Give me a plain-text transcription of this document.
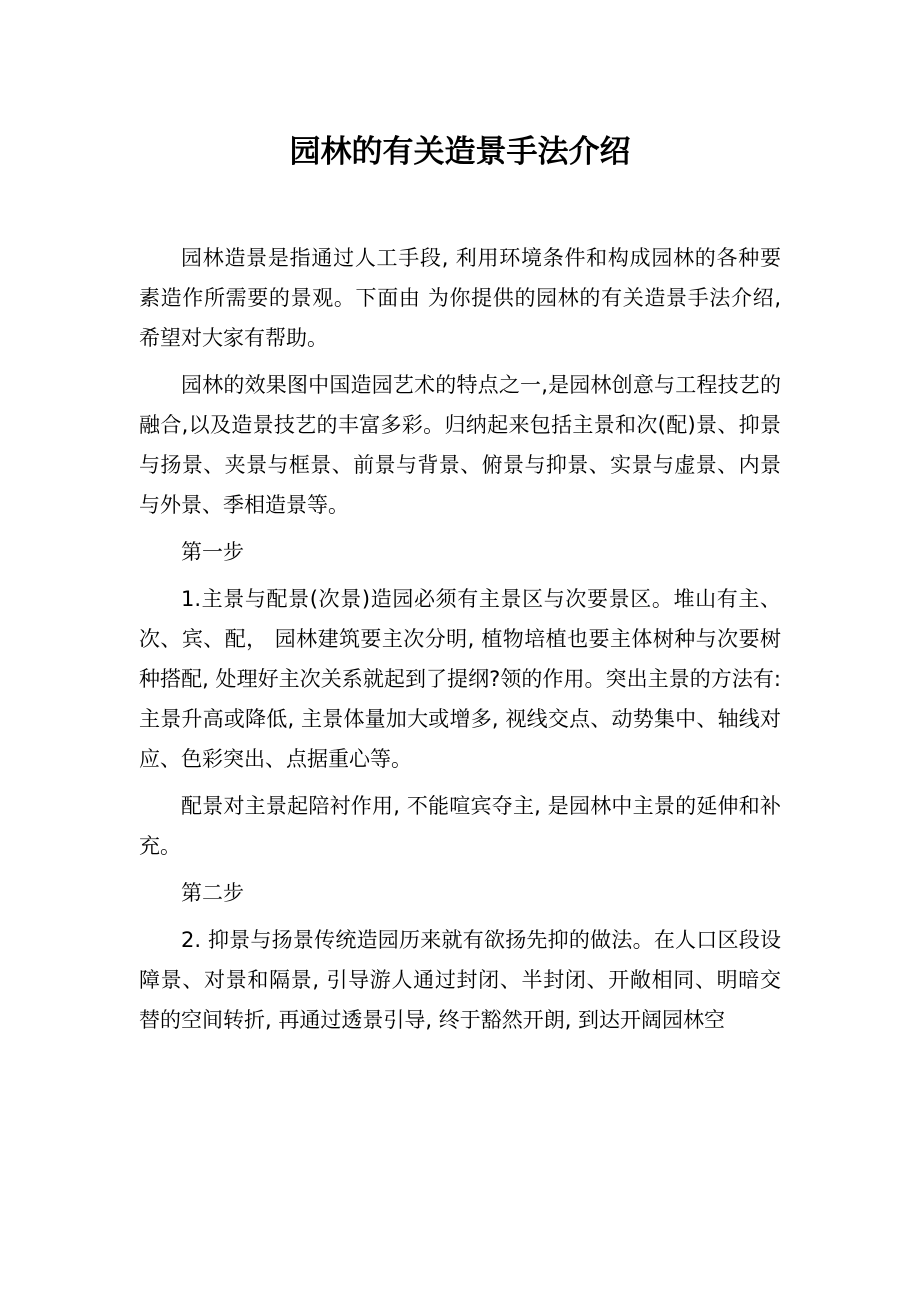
园林的有关造景手法介绍

园林造景是指通过人工手段, 利用环境条件和构成园林的各种要素造作所需要的景观。下面由 为你提供的园林的有关造景手法介绍, 希望对大家有帮助。

园林的效果图中国造园艺术的特点之一,是园林创意与工程技艺的融合,以及造景技艺的丰富多彩。归纳起来包括主景和次(配)景、抑景与扬景、夹景与框景、前景与背景、俯景与抑景、实景与虚景、内景与外景、季相造景等。

第一步

1.主景与配景(次景)造园必须有主景区与次要景区。堆山有主、次、宾、配， 园林建筑要主次分明, 植物培植也要主体树种与次要树种搭配, 处理好主次关系就起到了提纲?领的作用。突出主景的方法有: 主景升高或降低, 主景体量加大或增多, 视线交点、动势集中、轴线对应、色彩突出、点据重心等。

配景对主景起陪衬作用, 不能喧宾夺主, 是园林中主景的延伸和补充。

第二步

2. 抑景与扬景传统造园历来就有欲扬先抑的做法。在人口区段设障景、对景和隔景, 引导游人通过封闭、半封闭、开敞相同、明暗交替的空间转折, 再通过透景引导, 终于豁然开朗, 到达开阔园林空
